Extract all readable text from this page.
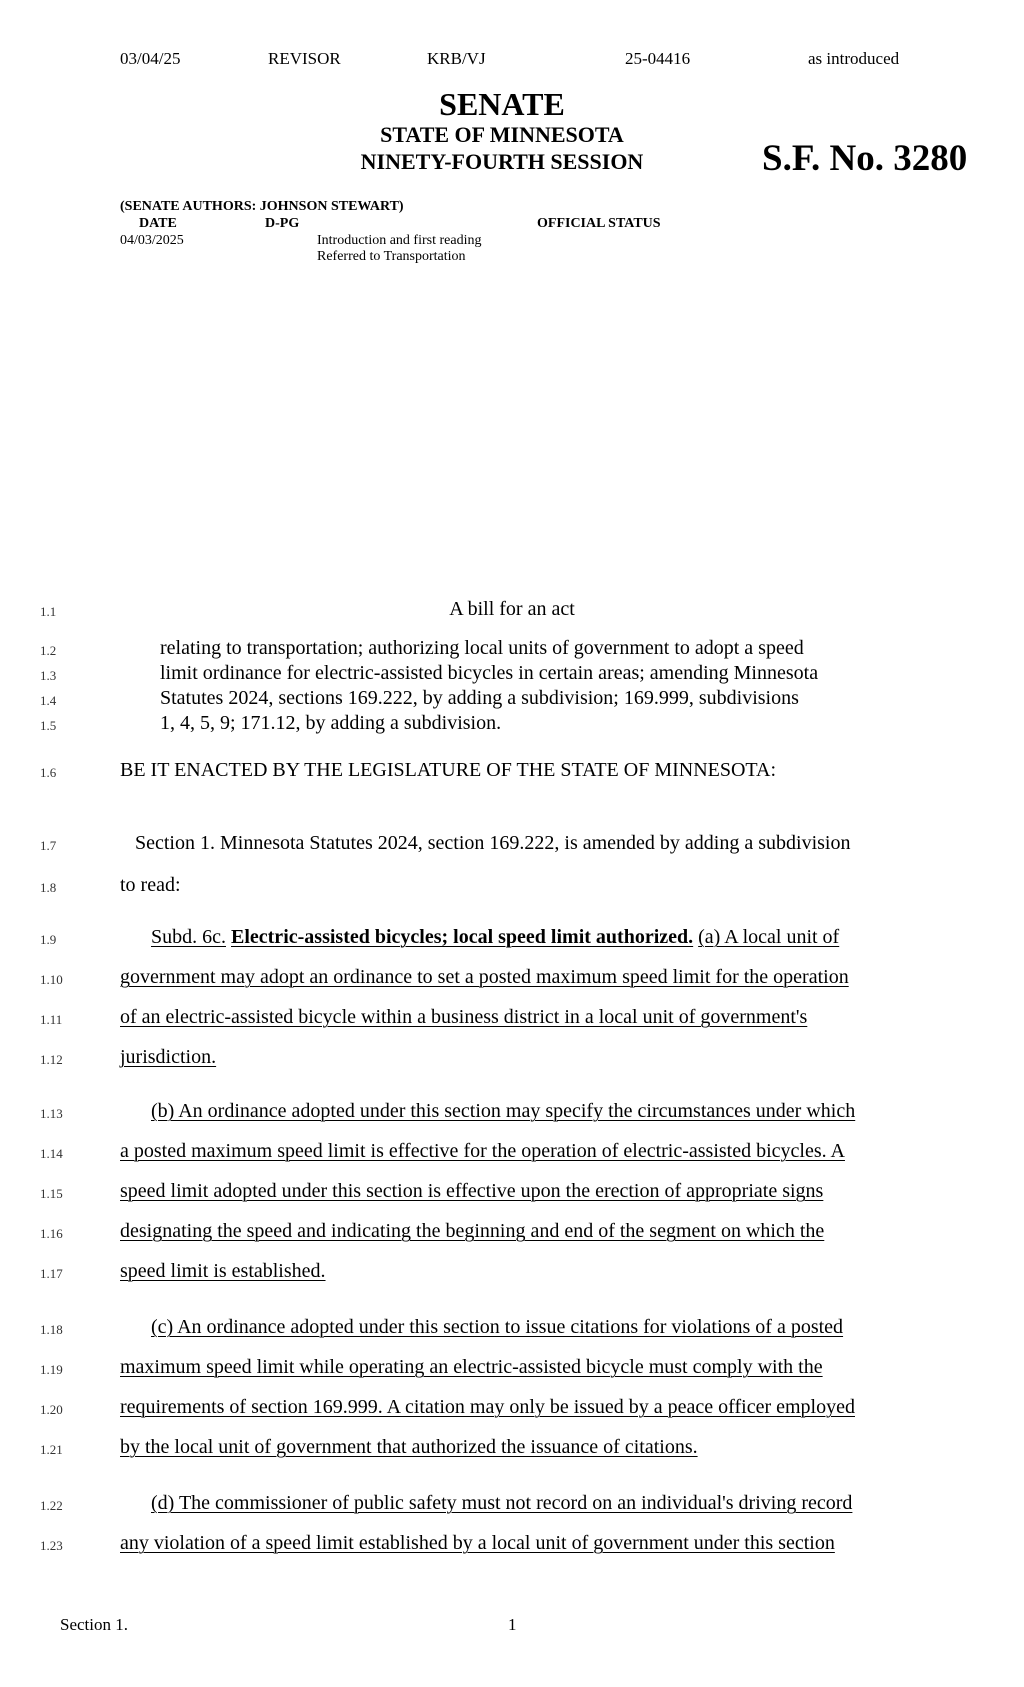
03/04/25	REVISOR	KRB/VJ	25-04416	as introduced
SENATE
STATE OF MINNESOTA
NINETY-FOURTH SESSION	S.F. No. 3280
(SENATE AUTHORS: JOHNSON STEWART)
DATE	D-PG	OFFICIAL STATUS
04/03/2025	Introduction and first reading
Referred to Transportation
1.1
1.2
1.3
1.4
1.5
1.6
1.7
1.8
1.9
1.10
1.11
1.12
1.13
1.14
1.15
1.16
1.17
1.18
1.19
1.20
1.21
1.22
1.23
A bill for an act
relating to transportation; authorizing local units of government to adopt a speed
limit ordinance for electric-assisted bicycles in certain areas; amending Minnesota
Statutes 2024, sections 169.222, by adding a subdivision; 169.999, subdivisions
1, 4, 5, 9; 171.12, by adding a subdivision.
BE IT ENACTED BY THE LEGISLATURE OF THE STATE OF MINNESOTA:
Section 1. Minnesota Statutes 2024, section 169.222, is amended by adding a subdivision
to read:
Subd. 6c. Electric-assisted bicycles; local speed limit authorized. (a) A local unit of
government may adopt an ordinance to set a posted maximum speed limit for the operation
of an electric-assisted bicycle within a business district in a local unit of government's
jurisdiction.
(b) An ordinance adopted under this section may specify the circumstances under which
a posted maximum speed limit is effective for the operation of electric-assisted bicycles. A
speed limit adopted under this section is effective upon the erection of appropriate signs
designating the speed and indicating the beginning and end of the segment on which the
speed limit is established.
(c) An ordinance adopted under this section to issue citations for violations of a posted
maximum speed limit while operating an electric-assisted bicycle must comply with the
requirements of section 169.999. A citation may only be issued by a peace officer employed
by the local unit of government that authorized the issuance of citations.
(d) The commissioner of public safety must not record on an individual's driving record
any violation of a speed limit established by a local unit of government under this section
Section 1.	1
